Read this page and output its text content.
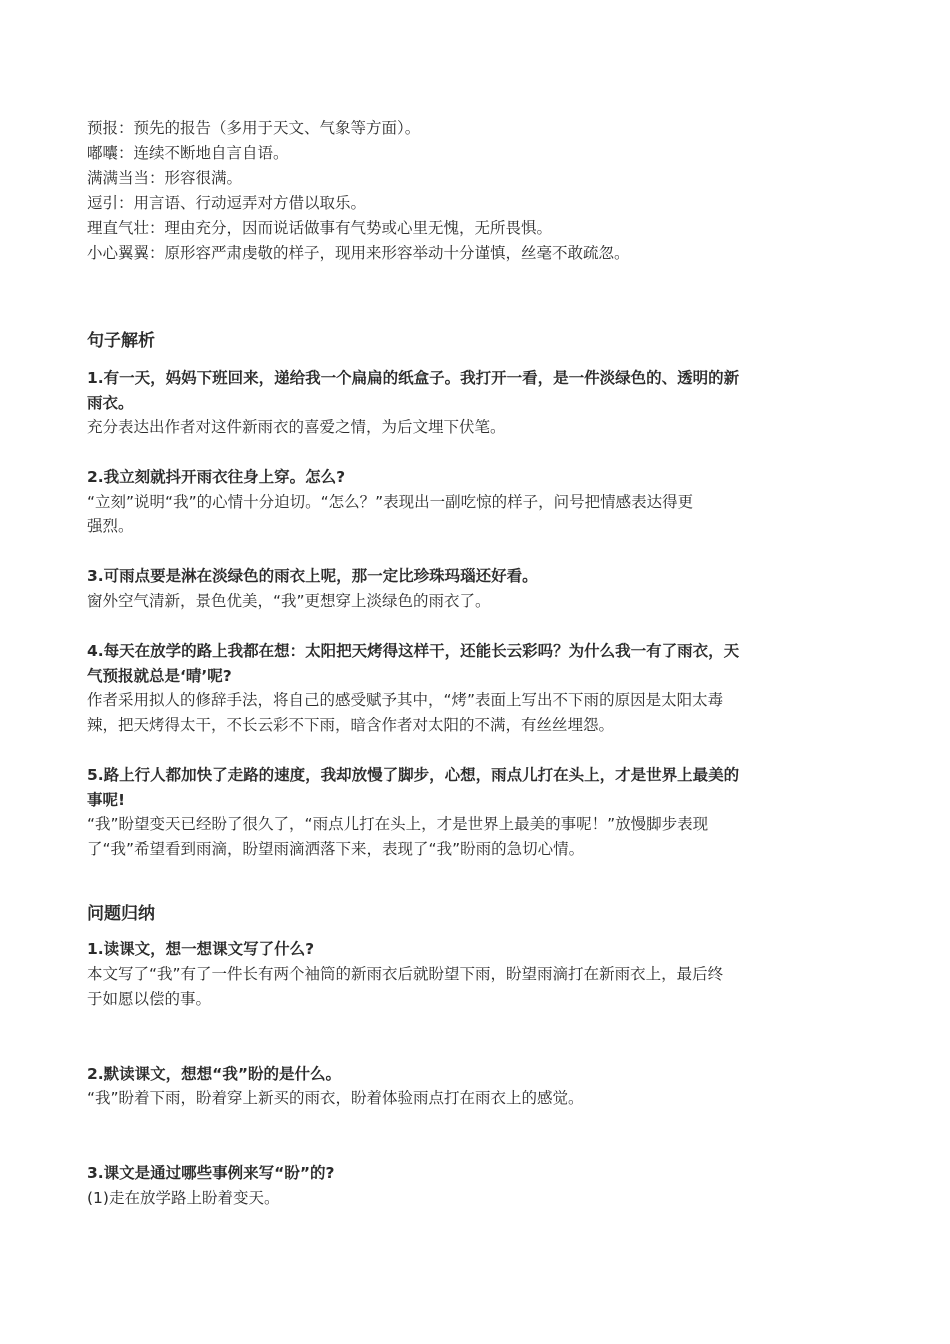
预报：预先的报告（多用于天文、气象等方面）。
嘟囔：连续不断地自言自语。
满满当当：形容很满。
逗引：用言语、行动逗弄对方借以取乐。
理直气壮：理由充分，因而说话做事有气势或心里无愧，无所畏惧。
小心翼翼：原形容严肃虔敬的样子，现用来形容举动十分谨慎，丝毫不敢疏忽。
句子解析
1.有一天，妈妈下班回来，递给我一个扁扁的纸盒子。我打开一看，是一件淡绿色的、透明的新
雨衣。
充分表达出作者对这件新雨衣的喜爱之情，为后文埋下伏笔。
2.我立刻就抖开雨衣往身上穿。怎么?
“立刻”说明“我”的心情十分迫切。“怎么？”表现出一副吃惊的样子，问号把情感表达得更
强烈。
3.可雨点要是淋在淡绿色的雨衣上呢，那一定比珍珠玛瑙还好看。
窗外空气清新，景色优美，“我”更想穿上淡绿色的雨衣了。
4.每天在放学的路上我都在想：太阳把天烤得这样干，还能长云彩吗？为什么我一有了雨衣，天
气预报就总是‘晴’呢?
作者采用拟人的修辞手法，将自己的感受赋予其中，“烤”表面上写出不下雨的原因是太阳太毒
辣，把天烤得太干，不长云彩不下雨，暗含作者对太阳的不满，有丝丝埋怨。
5.路上行人都加快了走路的速度，我却放慢了脚步，心想，雨点儿打在头上，才是世界上最美的
事呢!
“我”盼望变天已经盼了很久了，“雨点儿打在头上，才是世界上最美的事呢！”放慢脚步表现
了“我”希望看到雨滴，盼望雨滴洒落下来，表现了“我”盼雨的急切心情。
问题归纳
1.读课文，想一想课文写了什么?
本文写了“我”有了一件长有两个袖筒的新雨衣后就盼望下雨，盼望雨滴打在新雨衣上，最后终
于如愿以偿的事。
2.默读课文，想想“我”盼的是什么。
“我”盼着下雨，盼着穿上新买的雨衣，盼着体验雨点打在雨衣上的感觉。
3.课文是通过哪些事例来写“盼”的?
(1)走在放学路上盼着变天。
